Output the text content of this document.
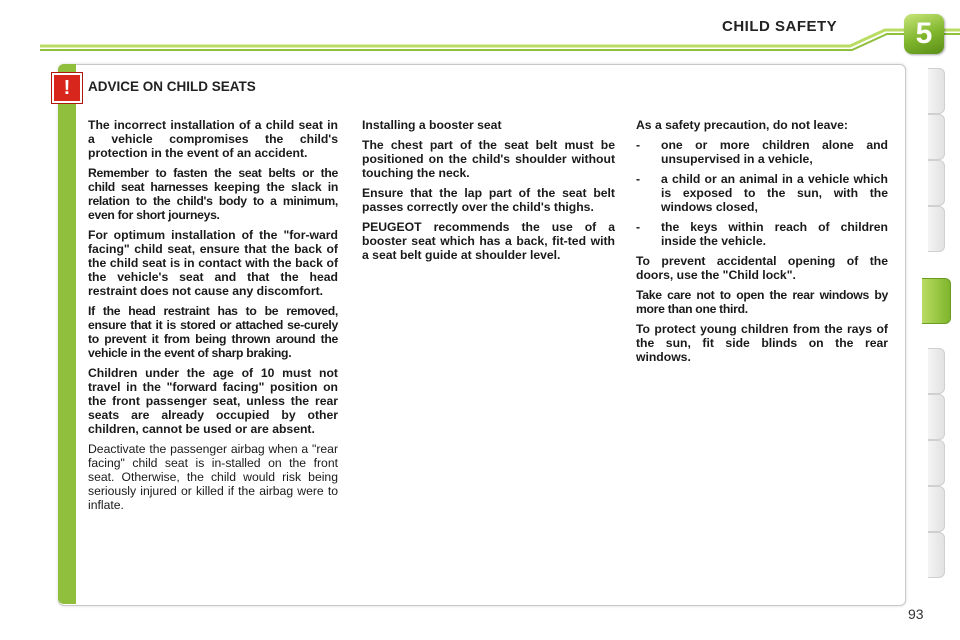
CHILD SAFETY	5
!	ADVICE ON CHILD SEATS

The incorrect installation of a child seat in a vehicle compromises the child's protection in the event of an accident.

Remember to fasten the seat belts or the child seat harnesses keeping the slack in relation to the child's body to a minimum, even for short journeys.

For optimum installation of the "for-ward facing" child seat, ensure that the back of the child seat is in contact with the back of the vehicle's seat and that the head restraint does not cause any discomfort.

If the head restraint has to be removed, ensure that it is stored or attached se-curely to prevent it from being thrown around the vehicle in the event of sharp braking.

Children under the age of 10 must not travel in the "forward facing" position on the front passenger seat, unless the rear seats are already occupied by other children, cannot be used or are absent.

Deactivate the passenger airbag when a "rear facing" child seat is in-stalled on the front seat. Otherwise, the child would risk being seriously injured or killed if the airbag were to inflate.

Installing a booster seat

The chest part of the seat belt must be positioned on the child's shoulder without touching the neck.

Ensure that the lap part of the seat belt passes correctly over the child's thighs.

PEUGEOT recommends the use of a booster seat which has a back, fit-ted with a seat belt guide at shoulder level.

As a safety precaution, do not leave:

-	one or more children alone and unsupervised in a vehicle,
-	a child or an animal in a vehicle which is exposed to the sun, with the windows closed,
-	the keys within reach of children inside the vehicle.

To prevent accidental opening of the doors, use the "Child lock".

Take care not to open the rear windows by more than one third.

To protect young children from the rays of the sun, fit side blinds on the rear windows.

93
